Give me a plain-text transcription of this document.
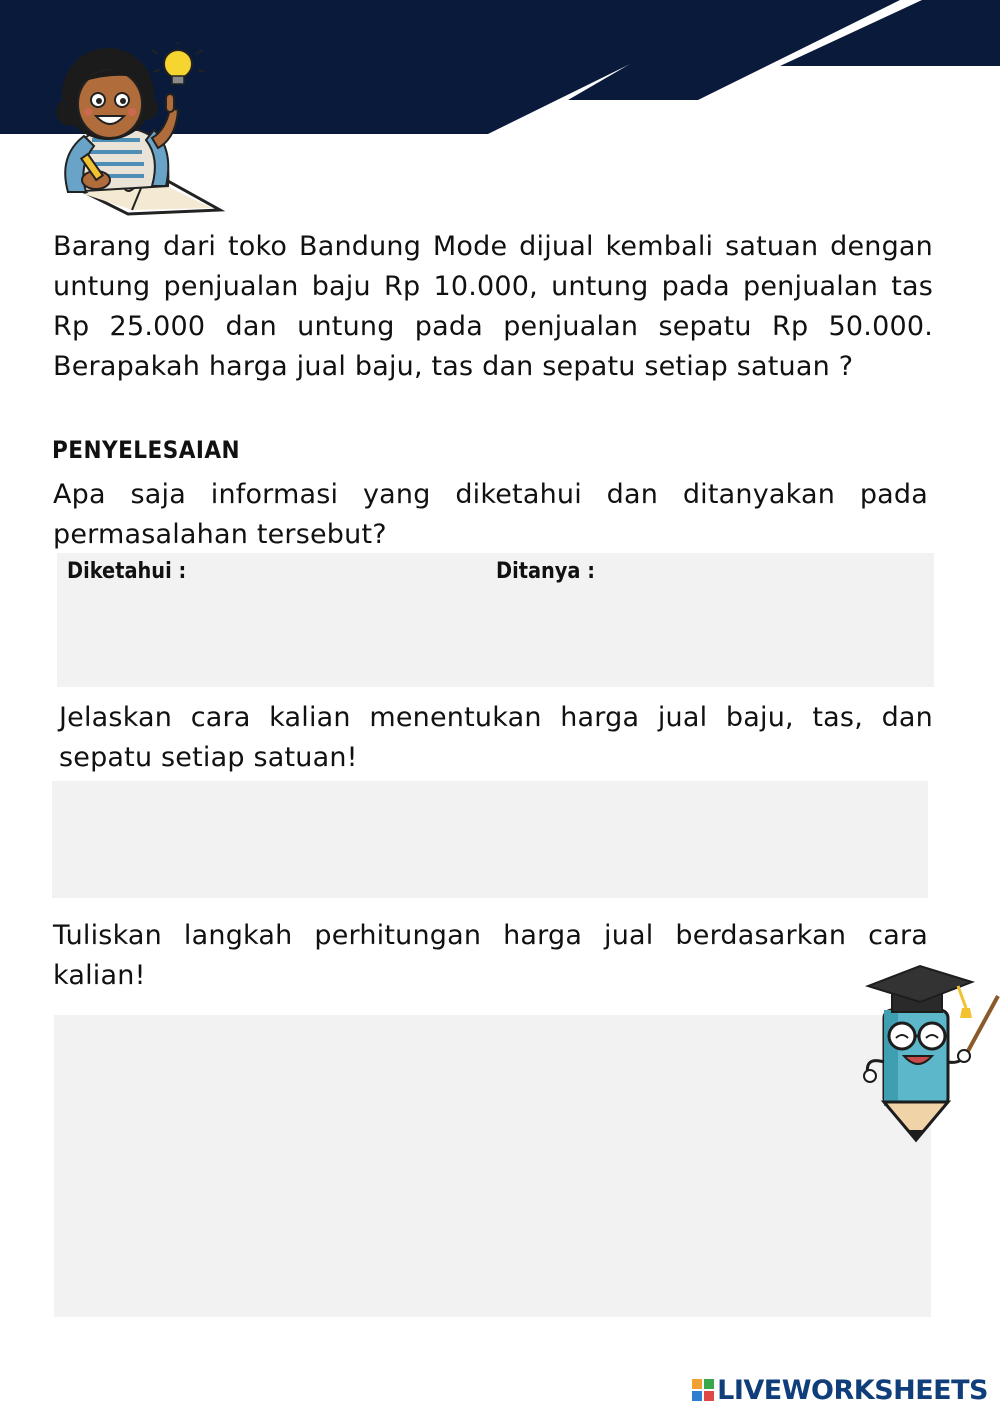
Barang dari toko Bandung Mode dijual kembali satuan dengan untung penjualan baju Rp 10.000, untung pada penjualan tas Rp 25.000 dan untung pada penjualan sepatu Rp 50.000. Berapakah harga jual baju, tas dan sepatu setiap satuan ?

PENYELESAIAN

Apa saja informasi yang diketahui dan ditanyakan pada permasalahan tersebut?

Diketahui :	Ditanya :

Jelaskan cara kalian menentukan harga jual baju, tas, dan sepatu setiap satuan!

Tuliskan langkah perhitungan harga jual berdasarkan cara kalian!

LIVEWORKSHEETS
